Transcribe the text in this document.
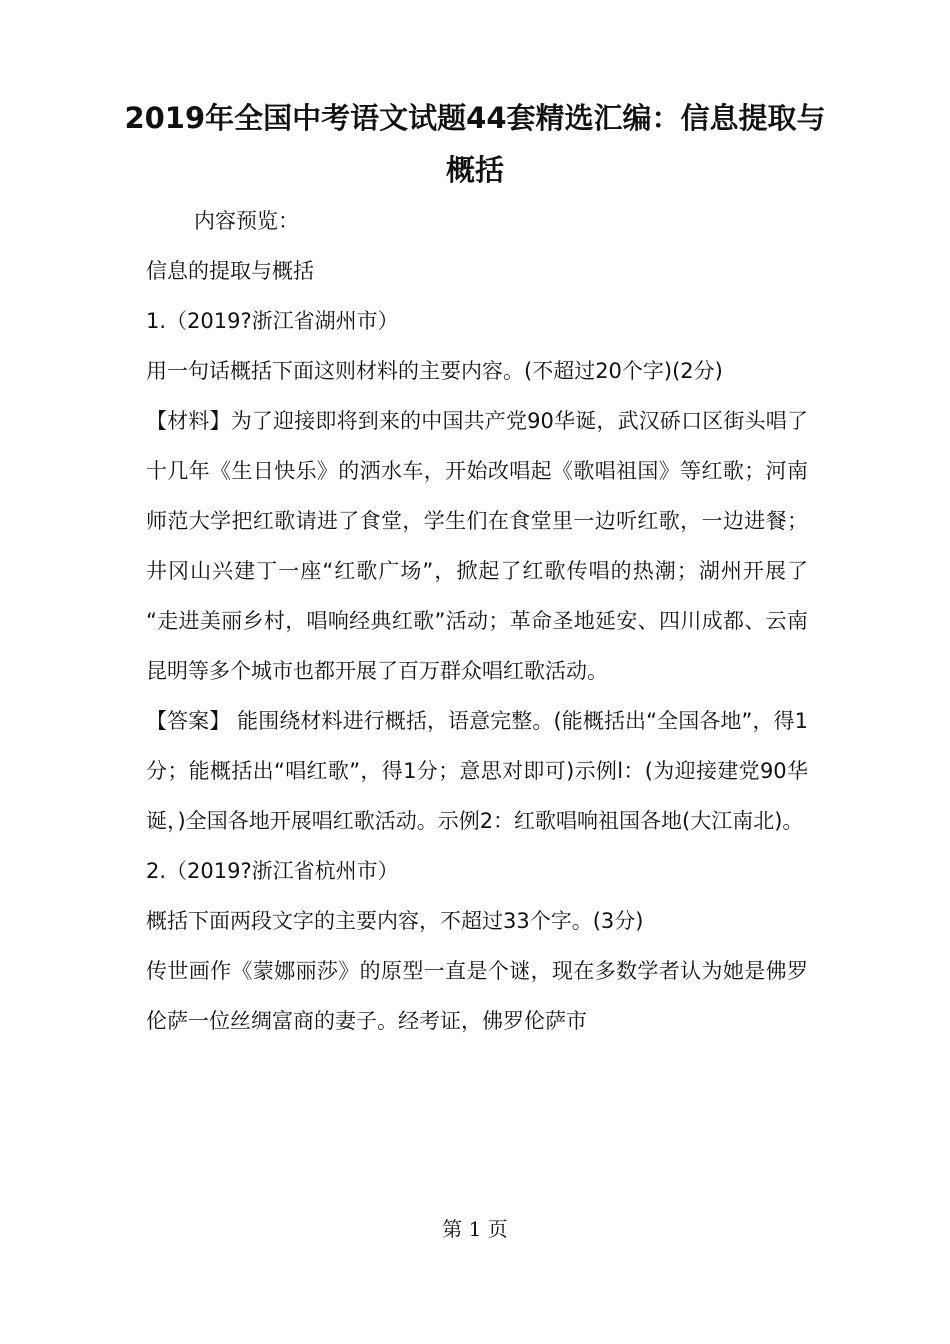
2019年全国中考语文试题44套精选汇编：信息提取与概括

内容预览：

信息的提取与概括

1.（2019?浙江省湖州市）

用一句话概括下面这则材料的主要内容。(不超过20个字)(2分)

【材料】为了迎接即将到来的中国共产党90华诞，武汉硚口区街头唱了十几年《生日快乐》的洒水车，开始改唱起《歌唱祖国》等红歌；河南师范大学把红歌请进了食堂，学生们在食堂里一边听红歌，一边进餐；井冈山兴建丁一座“红歌广场”，掀起了红歌传唱的热潮；湖州开展了 “走进美丽乡村，唱响经典红歌”活动；革命圣地延安、四川成都、云南昆明等多个城市也都开展了百万群众唱红歌活动。

【答案】 能围绕材料进行概括，语意完整。(能概括出“全国各地”，得1分；能概括出“唱红歌”，得1分；意思对即可)示例l：(为迎接建党90华诞，)全国各地开展唱红歌活动。示例2：红歌唱响祖国各地(大江南北)。

2.（2019?浙江省杭州市）

概括下面两段文字的主要内容，不超过33个字。(3分)

传世画作《蒙娜丽莎》的原型一直是个谜，现在多数学者认为她是佛罗伦萨一位丝绸富商的妻子。经考证，佛罗伦萨市

第 1 页
